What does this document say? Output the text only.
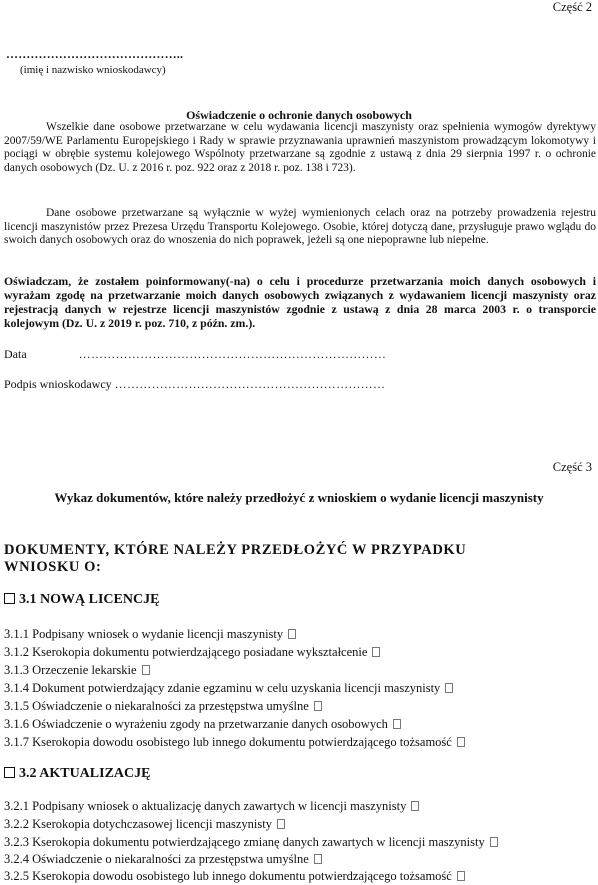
Część 2
……………………………………..
(imię i nazwisko wnioskodawcy)
Oświadczenie o ochronie danych osobowych
Wszelkie dane osobowe przetwarzane w celu wydawania licencji maszynisty oraz spełnienia wymogów dyrektywy 2007/59/WE Parlamentu Europejskiego i Rady w sprawie przyznawania uprawnień maszynistom prowadzącym lokomotywy i pociągi w obrębie systemu kolejowego Wspólnoty przetwarzane są zgodnie z ustawą z dnia 29 sierpnia 1997 r. o ochronie danych osobowych (Dz. U. z 2016 r. poz. 922 oraz z 2018 r. poz. 138 i 723).
Dane osobowe przetwarzane są wyłącznie w wyżej wymienionych celach oraz na potrzeby prowadzenia rejestru licencji maszynistów przez Prezesa Urzędu Transportu Kolejowego. Osobie, której dotyczą dane, przysługuje prawo wglądu do swoich danych osobowych oraz do wnoszenia do nich poprawek, jeżeli są one niepoprawne lub niepełne.
Oświadczam, że zostałem poinformowany(-na) o celu i procedurze przetwarzania moich danych osobowych i wyrażam zgodę na przetwarzanie moich danych osobowych związanych z wydawaniem licencji maszynisty oraz rejestracją danych w rejestrze licencji maszynistów zgodnie z ustawą z dnia 28 marca 2003 r. o transporcie kolejowym (Dz. U. z 2019 r. poz. 710, z późn. zm.).
Data	…………………………………………………………………
Podpis wnioskodawcy …………………………………………………………
Część 3
Wykaz dokumentów, które należy przedłożyć z wnioskiem o wydanie licencji maszynisty
DOKUMENTY, KTÓRE NALEŻY PRZEDŁOŻYĆ W PRZYPADKU
WNIOSKU O:
3.1 NOWĄ LICENCJĘ
3.1.1 Podpisany wniosek o wydanie licencji maszynisty
3.1.2 Kserokopia dokumentu potwierdzającego posiadane wykształcenie
3.1.3 Orzeczenie lekarskie
3.1.4 Dokument potwierdzający zdanie egzaminu w celu uzyskania licencji maszynisty
3.1.5 Oświadczenie o niekaralności za przestępstwa umyślne
3.1.6 Oświadczenie o wyrażeniu zgody na przetwarzanie danych osobowych
3.1.7 Kserokopia dowodu osobistego lub innego dokumentu potwierdzającego tożsamość
3.2 AKTUALIZACJĘ
3.2.1 Podpisany wniosek o aktualizację danych zawartych w licencji maszynisty
3.2.2 Kserokopia dotychczasowej licencji maszynisty
3.2.3 Kserokopia dokumentu potwierdzającego zmianę danych zawartych w licencji maszynisty
3.2.4 Oświadczenie o niekaralności za przestępstwa umyślne
3.2.5 Kserokopia dowodu osobistego lub innego dokumentu potwierdzającego tożsamość
